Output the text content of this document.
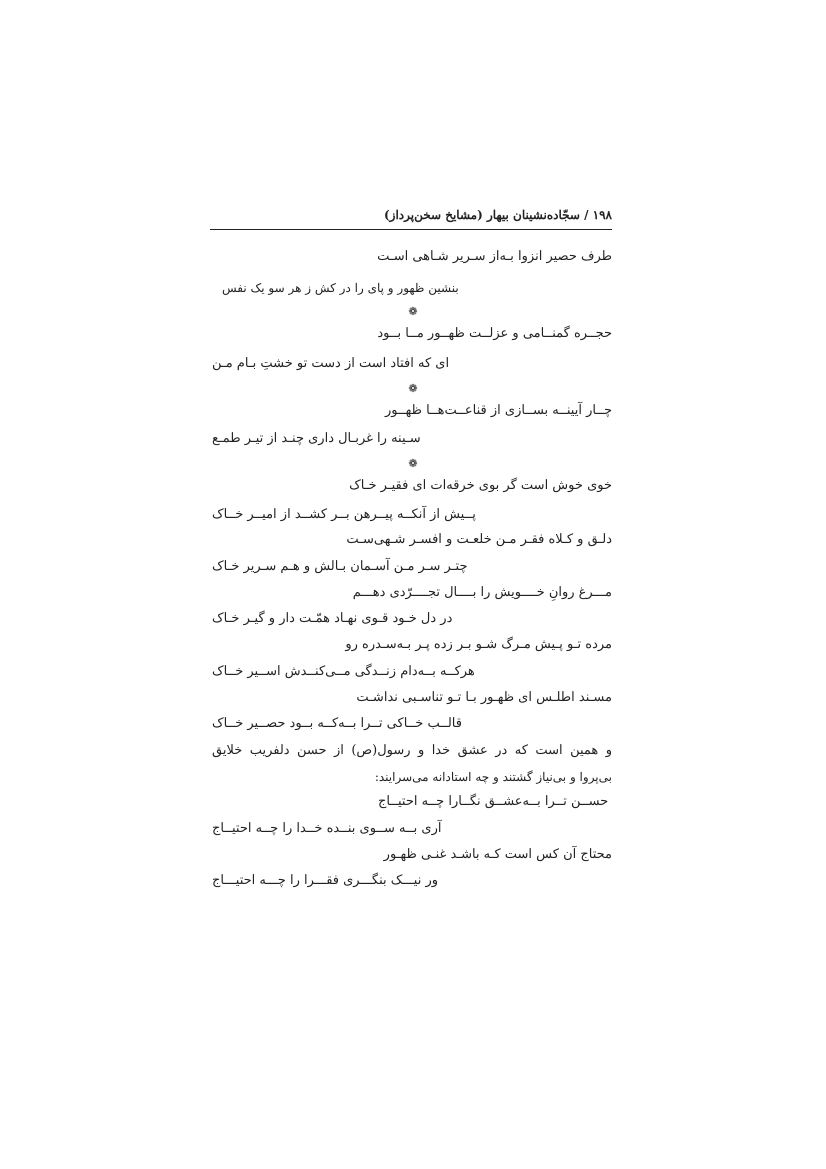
۱۹۸ / سجّاده‌نشینان بیهار (مشایخ سخن‌پرداز)
طرف حصیر انزوا بـه‌از سـریر شـاهی اسـت
بنشین ظهور و پای را در کش ز هر سو یک نفس
❁
حجــره گمنــامی و عزلــت ظهــور مــا بــود
ای که افتاد است از دست تو خشتِ بـام مـن
❁
چــار آیینــه بســازی از قناعــت‌هــا ظهــور
سـینه را غربـال داری چنـد از تیـر طمـع
❁
خوی خوش است گر بوی خرقه‌ات ای فقیـر خـاک
پــیش از آنکــه پیــرهن بــر کشــد از امیــر خــاک
دلـق و کـلاه فقـر مـن خلعـت و افسـر شـهی‌سـت
چتـر سـر مـن آسـمان بـالش و هـم سـریر خـاک
مـــرغ روانِ خــــویش را بــــال تجــــرّدی دهـــم
در دل خـود قـوی نهـاد همّـت دار و گیـر خـاک
مرده تـو پـیش مـرگ شـو بـر زده پـر بـه‌سـدره رو
هرکــه بــه‌دام زنــدگی مــی‌کنــدش اســیر خــاک
مسـند اطلـس ای ظهـور بـا تـو تناسـبی نداشـت
قالــب خــاکی تــرا بــه‌کــه بــود حصــیر خــاک
و همین است که در عشق خدا و رسول(ص) از حسن دلفریب خلایق
بی‌پروا و بی‌نیاز گشتند و چه استادانه می‌سرایند:
حســن تــرا بــه‌عشــق نگــارا چــه احتیــاج
آری بــه ســوی بنــده خــدا را چــه احتیــاج
محتاج آن کس است کـه باشـد غنـی ظهـور
ور نیـــک بنگـــری فقـــرا را چـــه احتیـــاج
